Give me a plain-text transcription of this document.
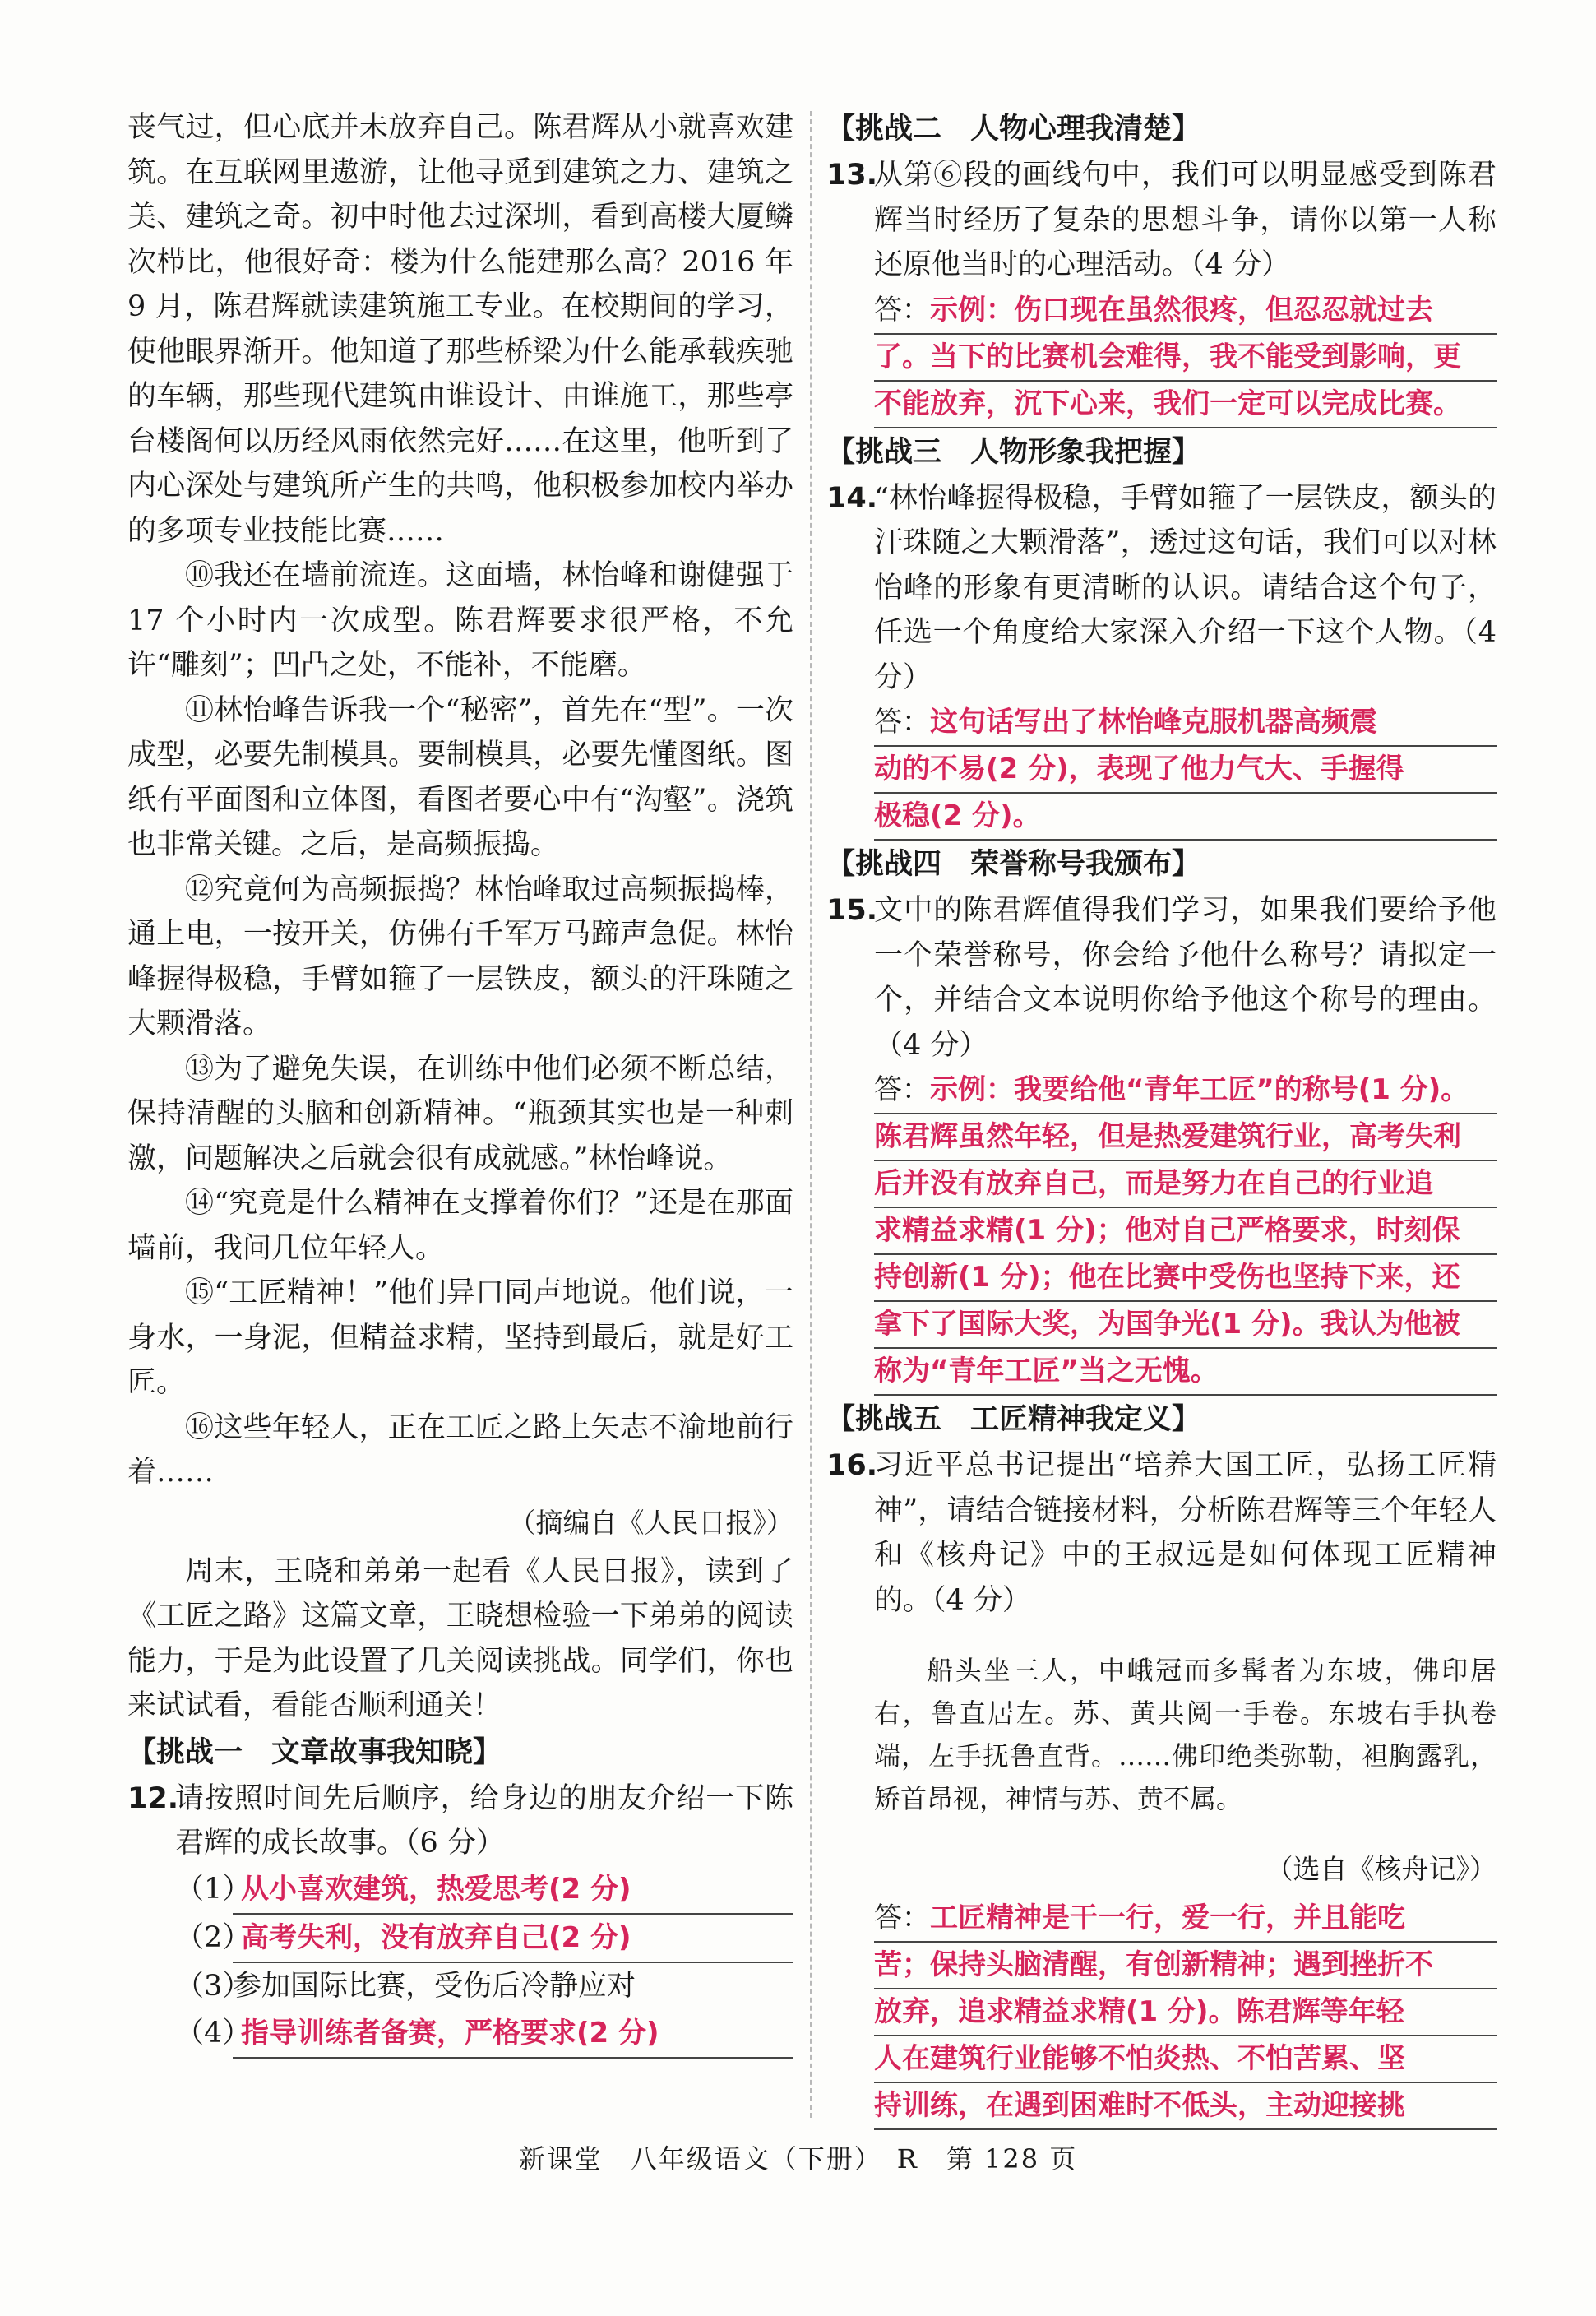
丧气过，但心底并未放弃自己。陈君辉从小就喜欢建筑。在互联网里遨游，让他寻觅到建筑之力、建筑之美、建筑之奇。初中时他去过深圳，看到高楼大厦鳞次栉比，他很好奇：楼为什么能建那么高？2016 年 9 月，陈君辉就读建筑施工专业。在校期间的学习，使他眼界渐开。他知道了那些桥梁为什么能承载疾驰的车辆，那些现代建筑由谁设计、由谁施工，那些亭台楼阁何以历经风雨依然完好……在这里，他听到了内心深处与建筑所产生的共鸣，他积极参加校内举办的多项专业技能比赛……

⑩我还在墙前流连。这面墙，林怡峰和谢健强于 17 个小时内一次成型。陈君辉要求很严格，不允许“雕刻”；凹凸之处，不能补，不能磨。

⑪林怡峰告诉我一个“秘密”，首先在“型”。一次成型，必要先制模具。要制模具，必要先懂图纸。图纸有平面图和立体图，看图者要心中有“沟壑”。浇筑也非常关键。之后，是高频振捣。

⑫究竟何为高频振捣？林怡峰取过高频振捣棒，通上电，一按开关，仿佛有千军万马蹄声急促。林怡峰握得极稳，手臂如箍了一层铁皮，额头的汗珠随之大颗滑落。

⑬为了避免失误，在训练中他们必须不断总结，保持清醒的头脑和创新精神。“瓶颈其实也是一种刺激，问题解决之后就会很有成就感。”林怡峰说。

⑭“究竟是什么精神在支撑着你们？”还是在那面墙前，我问几位年轻人。

⑮“工匠精神！”他们异口同声地说。他们说，一身水，一身泥，但精益求精，坚持到最后，就是好工匠。

⑯这些年轻人，正在工匠之路上矢志不渝地前行着……

（摘编自《人民日报》）

周末，王晓和弟弟一起看《人民日报》，读到了《工匠之路》这篇文章，王晓想检验一下弟弟的阅读能力，于是为此设置了几关阅读挑战。同学们，你也来试试看，看能否顺利通关！

【挑战一　文章故事我知晓】

12.
请按照时间先后顺序，给身边的朋友介绍一下陈君辉的成长故事。（6 分）
（1）
从小喜欢建筑，热爱思考(2 分)
（2）
高考失利，没有放弃自己(2 分)
（3）
参加国际比赛，受伤后冷静应对
（4）
指导训练者备赛，严格要求(2 分)

【挑战二　人物心理我清楚】

13.
从第⑥段的画线句中，我们可以明显感受到陈君辉当时经历了复杂的思想斗争，请你以第一人称还原他当时的心理活动。（4 分）
答：示例：伤口现在虽然很疼，但忍忍就过去
了。当下的比赛机会难得，我不能受到影响，更
不能放弃，沉下心来，我们一定可以完成比赛。

【挑战三　人物形象我把握】

14.
“林怡峰握得极稳，手臂如箍了一层铁皮，额头的汗珠随之大颗滑落”，透过这句话，我们可以对林怡峰的形象有更清晰的认识。请结合这个句子，任选一个角度给大家深入介绍一下这个人物。（4 分）
答：这句话写出了林怡峰克服机器高频震
动的不易(2 分)，表现了他力气大、手握得
极稳(2 分)。

【挑战四　荣誉称号我颁布】

15.
文中的陈君辉值得我们学习，如果我们要给予他一个荣誉称号，你会给予他什么称号？请拟定一个，并结合文本说明你给予他这个称号的理由。（4 分）
答：示例：我要给他“青年工匠”的称号(1 分)。
陈君辉虽然年轻，但是热爱建筑行业，高考失利
后并没有放弃自己，而是努力在自己的行业追
求精益求精(1 分)；他对自己严格要求，时刻保
持创新(1 分)；他在比赛中受伤也坚持下来，还
拿下了国际大奖，为国争光(1 分)。我认为他被
称为“青年工匠”当之无愧。

【挑战五　工匠精神我定义】

16.
习近平总书记提出“培养大国工匠，弘扬工匠精神”，请结合链接材料，分析陈君辉等三个年轻人和《核舟记》中的王叔远是如何体现工匠精神的。（4 分）

船头坐三人，中峨冠而多髯者为东坡，佛印居右，鲁直居左。苏、黄共阅一手卷。东坡右手执卷端，左手抚鲁直背。……佛印绝类弥勒，袒胸露乳，矫首昂视，神情与苏、黄不属。

（选自《核舟记》）

答：工匠精神是干一行，爱一行，并且能吃
苦；保持头脑清醒，有创新精神；遇到挫折不
放弃，追求精益求精(1 分)。陈君辉等年轻
人在建筑行业能够不怕炎热、不怕苦累、坚
持训练，在遇到困难时不低头，主动迎接挑
新课堂　八年级语文（下册）　R　第 128 页
